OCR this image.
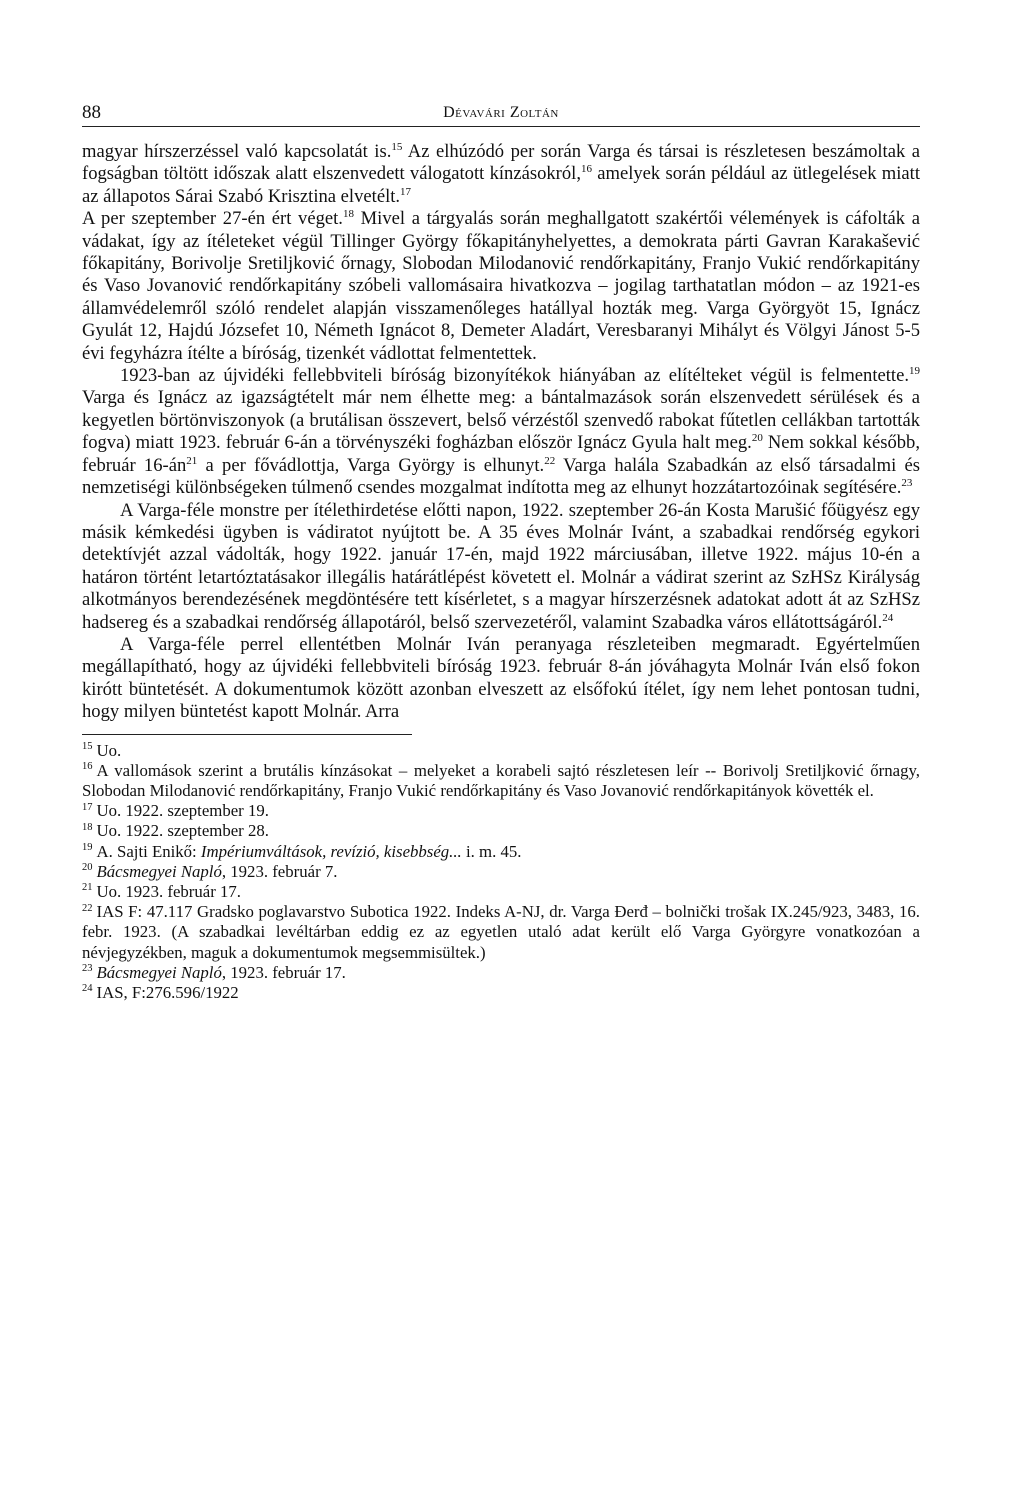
88	Dévavári Zoltán

magyar hírszerzéssel való kapcsolatát is.$^{15}$ Az elhúzódó per során Varga és társai is részletesen beszámoltak a fogságban töltött időszak alatt elszenvedett válogatott kínzásokról,$^{16}$ amelyek során például az ütlegelések miatt az állapotos Sárai Szabó Krisztina elvetélt.$^{17}$

A per szeptember 27-én ért véget.$^{18}$ Mivel a tárgyalás során meghallgatott szakértői vélemények is cáfolták a vádakat, így az ítéleteket végül Tillinger György főkapitányhelyettes, a demokrata párti Gavran Karakašević főkapitány, Borivolje Sretiljković őrnagy, Slobodan Milodanović rendőrkapitány, Franjo Vukić rendőrkapitány és Vaso Jovanović rendőrkapitány szóbeli vallomásaira hivatkozva – jogilag tarthatatlan módon – az 1921-es államvédelemről szóló rendelet alapján visszamenőleges hatállyal hozták meg. Varga Györgyöt 15, Ignácz Gyulát 12, Hajdú Józsefet 10, Németh Ignácot 8, Demeter Aladárt, Veresbaranyi Mihályt és Völgyi Jánost 5-5 évi fegyházra ítélte a bíróság, tizenkét vádlottat felmentettek.

1923-ban az újvidéki fellebbviteli bíróság bizonyítékok hiányában az elítélteket végül is felmentette.$^{19}$ Varga és Ignácz az igazságtételt már nem élhette meg: a bántalmazások során elszenvedett sérülések és a kegyetlen börtönviszonyok (a brutálisan összevert, belső vérzéstől szenvedő rabokat fűtetlen cellákban tartották fogva) miatt 1923. február 6-án a törvényszéki fogházban először Ignácz Gyula halt meg.$^{20}$ Nem sokkal később, február $16-án^{21}$ a per fővádlottja, Varga György is elhunyt.$^{22}$ Varga halála Szabadkán az első társadalmi és nemzetiségi különbségeken túlmenő csendes mozgalmat indította meg az elhunyt hozzátartozóinak segítésére.$^{23}$

A Varga-féle monstre per ítélethirdetése előtti napon, 1922. szeptember 26-án Kosta Marušić főügyész egy másik kémkedési ügyben is vádiratot nyújtott be. A 35 éves Molnár Ivánt, a szabadkai rendőrség egykori detektívjét azzal vádolták, hogy 1922. január 17-én, majd 1922 márciusában, illetve 1922. május 10-én a határon történt letartóztatásakor illegális határátlépést követett el. Molnár a vádirat szerint az SzHSz Királyság alkotmányos berendezésének megdöntésére tett kísérletet, s a magyar hírszerzésnek adatokat adott át az SzHSz hadsereg és a szabadkai rendőrség állapotáról, belső szervezetéről, valamint Szabadka város ellátottságáról.$^{24}$

A Varga-féle perrel ellentétben Molnár Iván peranyaga részleteiben megmaradt. Egyértelműen megállapítható, hogy az újvidéki fellebbviteli bíróság 1923. február 8-án jóváhagyta Molnár Iván első fokon kirótt büntetését. A dokumentumok között azonban elveszett az elsőfokú ítélet, így nem lehet pontosan tudni, hogy milyen büntetést kapott Molnár. Arra

$^{15}$ Uo.

$^{16}$ A vallomások szerint a brutális kínzásokat – melyeket a korabeli sajtó részletesen leír -- Borivolj Sretiljković őrnagy, Slobodan Milodanović rendőrkapitány, Franjo Vukić rendőrkapitány és Vaso Jovanović rendőrkapitányok követték el.

$^{17}$ Uo. 1922. szeptember 19.

$^{18}$ Uo. 1922. szeptember 28.

$^{19}$ A. Sajti Enikő: Impériumváltások, revízió, kisebbség... i. m. 45.

$^{20}$ Bácsmegyei Napló, 1923. február 7.

$^{21}$ Uo. 1923. február 17.

$^{22}$ IAS F: 47.117 Gradsko poglavarstvo Subotica 1922. Indeks A-NJ, dr. Varga Đerđ – bolnički trošak IX.245/923, 3483, 16. febr. 1923. (A szabadkai levéltárban eddig ez az egyetlen utaló adat került elő Varga Györgyre vonatkozóan a névjegyzékben, maguk a dokumentumok megsemmisültek.)

$^{23}$ Bácsmegyei Napló, 1923. február 17.

$^{24}$ IAS, F:276.596/1922
